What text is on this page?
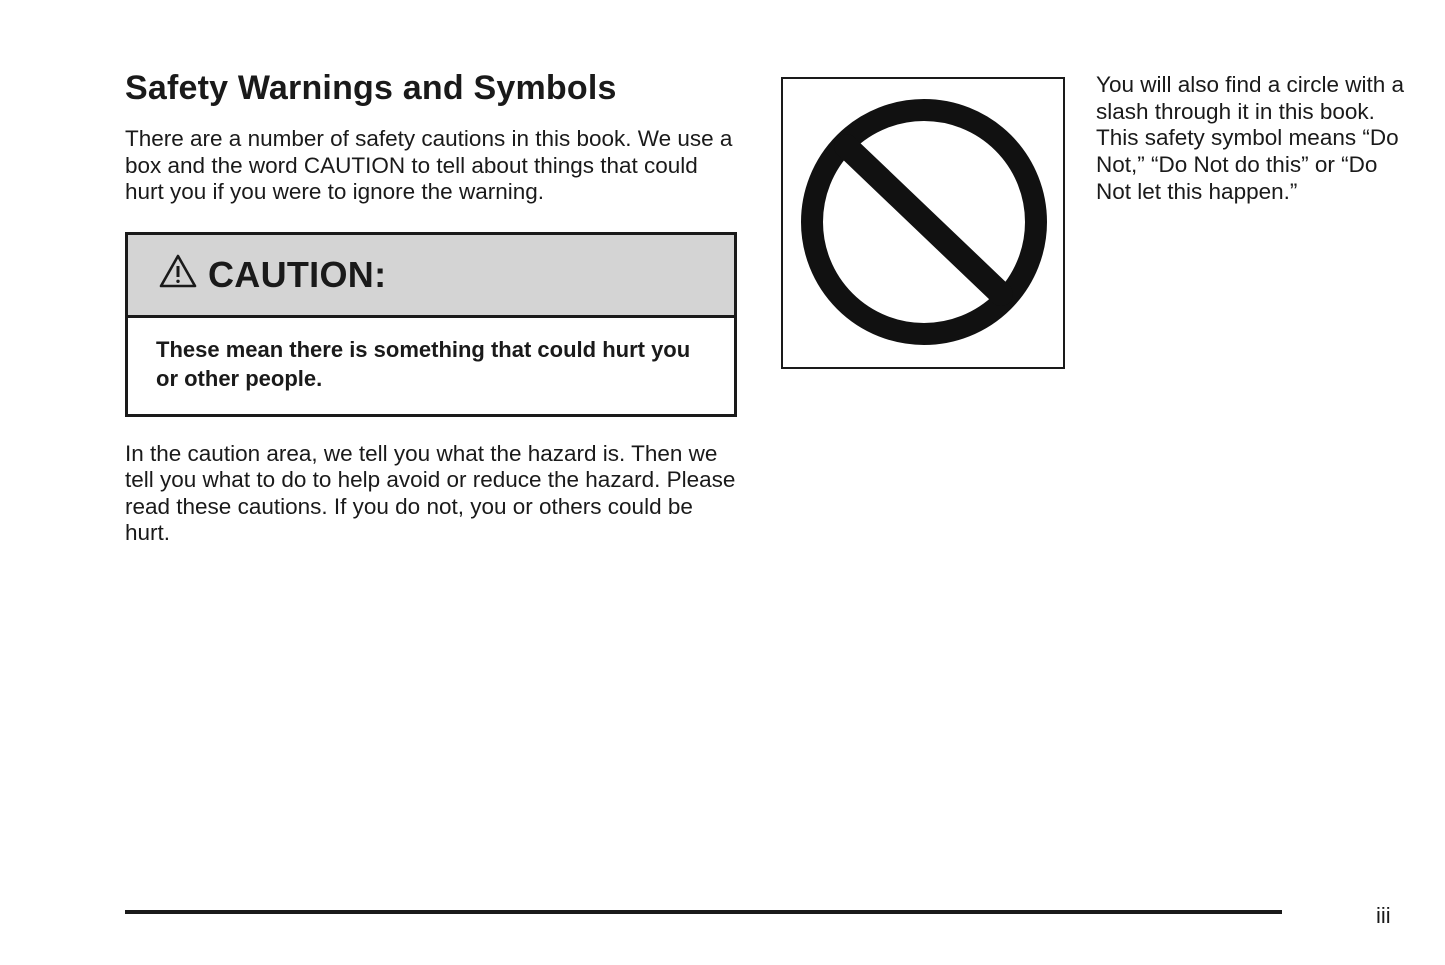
Safety Warnings and Symbols

There are a number of safety cautions in this book. We use a box and the word CAUTION to tell about things that could hurt you if you were to ignore the warning.

CAUTION:
These mean there is something that could hurt you or other people.

In the caution area, we tell you what the hazard is. Then we tell you what to do to help avoid or reduce the hazard. Please read these cautions. If you do not, you or others could be hurt.

You will also find a circle with a slash through it in this book. This safety symbol means “Do Not,” “Do Not do this” or “Do Not let this happen.”
iii
